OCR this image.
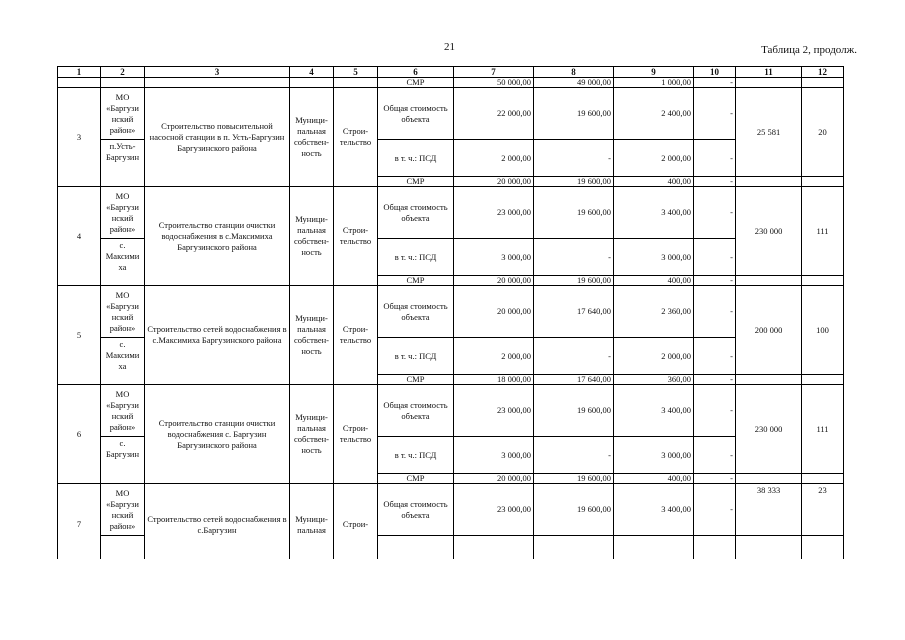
21	Таблица 2, продолж.
1	2	3	4	5	6	7	8	9	10	11	12
					СМР	50 000,00	49 000,00	1 000,00	-		
3	МО «Баргузи нский район»	Строительство повысительной насосной станции в п. Усть-Баргузин Баргузинского района	Муници-пальная собствен-ность	Строи-тельство	Общая стоимость объекта	22 000,00	19 600,00	2 400,00	-	25 581	20
	п.Усть-Баргузин				в т. ч.: ПСД	2 000,00	-	2 000,00	-		
					СМР	20 000,00	19 600,00	400,00	-		
4	МО «Баргузи нский район»	Строительство станции очистки водоснабжения в с.Максимиха Баргузинского района	Муници-пальная собствен-ность	Строи-тельство	Общая стоимость объекта	23 000,00	19 600,00	3 400,00	-	230 000	111
	с. Максими ха				в т. ч.: ПСД	3 000,00	-	3 000,00	-		
					СМР	20 000,00	19 600,00	400,00	-		
5	МО «Баргузи нский район»	Строительство сетей водоснабжения в с.Максимиха Баргузинского района	Муници-пальная собствен-ность	Строи-тельство	Общая стоимость объекта	20 000,00	17 640,00	2 360,00	-	200 000	100
	с. Максими ха				в т. ч.: ПСД	2 000,00	-	2 000,00	-		
					СМР	18 000,00	17 640,00	360,00	-		
6	МО «Баргузи нский район»	Строительство станции очистки водоснабжения с. Баргузин Баргузинского района	Муници-пальная собствен-ность	Строи-тельство	Общая стоимость объекта	23 000,00	19 600,00	3 400,00	-	230 000	111
	с. Баргузин				в т. ч.: ПСД	3 000,00	-	3 000,00	-		
					СМР	20 000,00	19 600,00	400,00	-		
7	МО «Баргузи нский район»	Строительство сетей водоснабжения в с.Баргузин	Муници-пальная	Строи-	Общая стоимость объекта	23 000,00	19 600,00	3 400,00	-	38 333	23
